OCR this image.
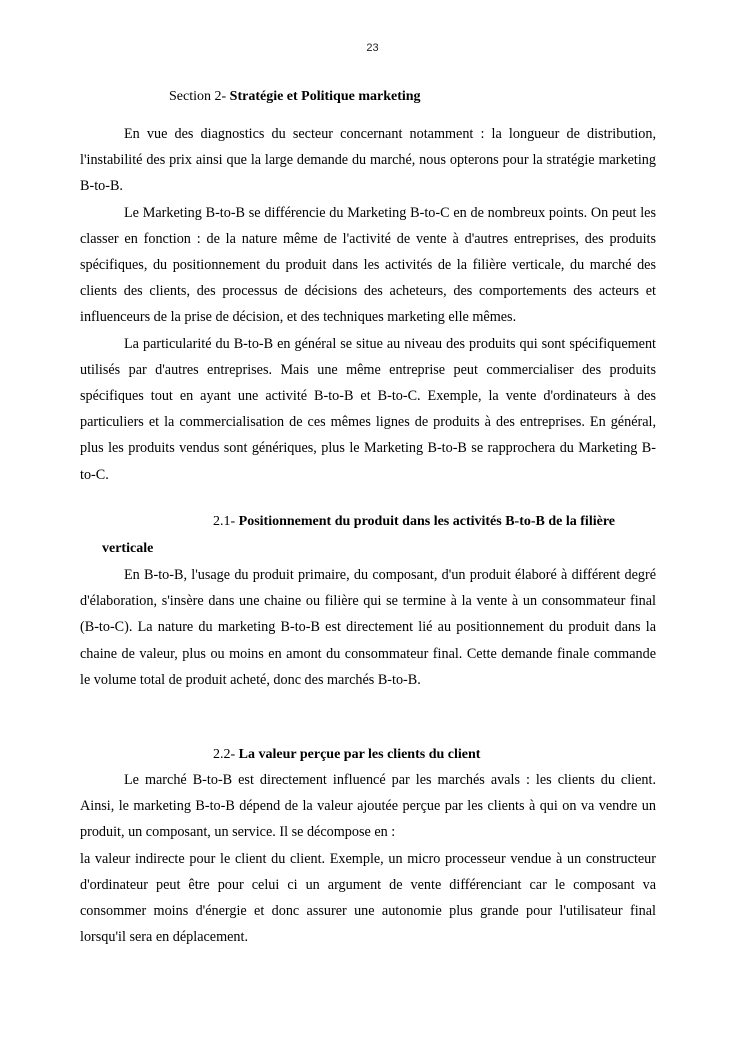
23
Section 2- Stratégie et Politique marketing

En vue des diagnostics du secteur concernant notamment : la longueur de distribution, l'instabilité des prix ainsi que la large demande du marché, nous opterons pour la stratégie marketing B-to-B.

Le Marketing B-to-B se différencie du Marketing B-to-C en de nombreux points. On peut les classer en fonction : de la nature même de l'activité de vente à d'autres entreprises, des produits spécifiques, du positionnement du produit dans les activités de la filière verticale, du marché des clients des clients, des processus de décisions des acheteurs, des comportements des acteurs et influenceurs de la prise de décision, et des techniques marketing elle mêmes.

La particularité du B-to-B en général se situe au niveau des produits qui sont spécifiquement utilisés par d'autres entreprises. Mais une même entreprise peut commercialiser des produits spécifiques tout en ayant une activité B-to-B et B-to-C. Exemple, la vente d'ordinateurs à des particuliers et la commercialisation de ces mêmes lignes de produits à des entreprises. En général, plus les produits vendus sont génériques, plus le Marketing B-to-B se rapprochera du Marketing B-to-C.

2.1- Positionnement du produit dans les activités B-to-B de la filière
verticale

En B-to-B, l'usage du produit primaire, du composant, d'un produit élaboré à différent degré d'élaboration, s'insère dans une chaine ou filière qui se termine à la vente à un consommateur final (B-to-C). La nature du marketing B-to-B est directement lié au positionnement du produit dans la chaine de valeur, plus ou moins en amont du consommateur final. Cette demande finale commande le volume total de produit acheté, donc des marchés B-to-B.

2.2- La valeur perçue par les clients du client

Le marché B-to-B est directement influencé par les marchés avals : les clients du client. Ainsi, le marketing B-to-B dépend de la valeur ajoutée perçue par les clients à qui on va vendre un produit, un composant, un service. Il se décompose en :

la valeur indirecte pour le client du client. Exemple, un micro processeur vendue à un constructeur d'ordinateur peut être pour celui ci un argument de vente différenciant car le composant va consommer moins d'énergie et donc assurer une autonomie plus grande pour l'utilisateur final lorsqu'il sera en déplacement.
